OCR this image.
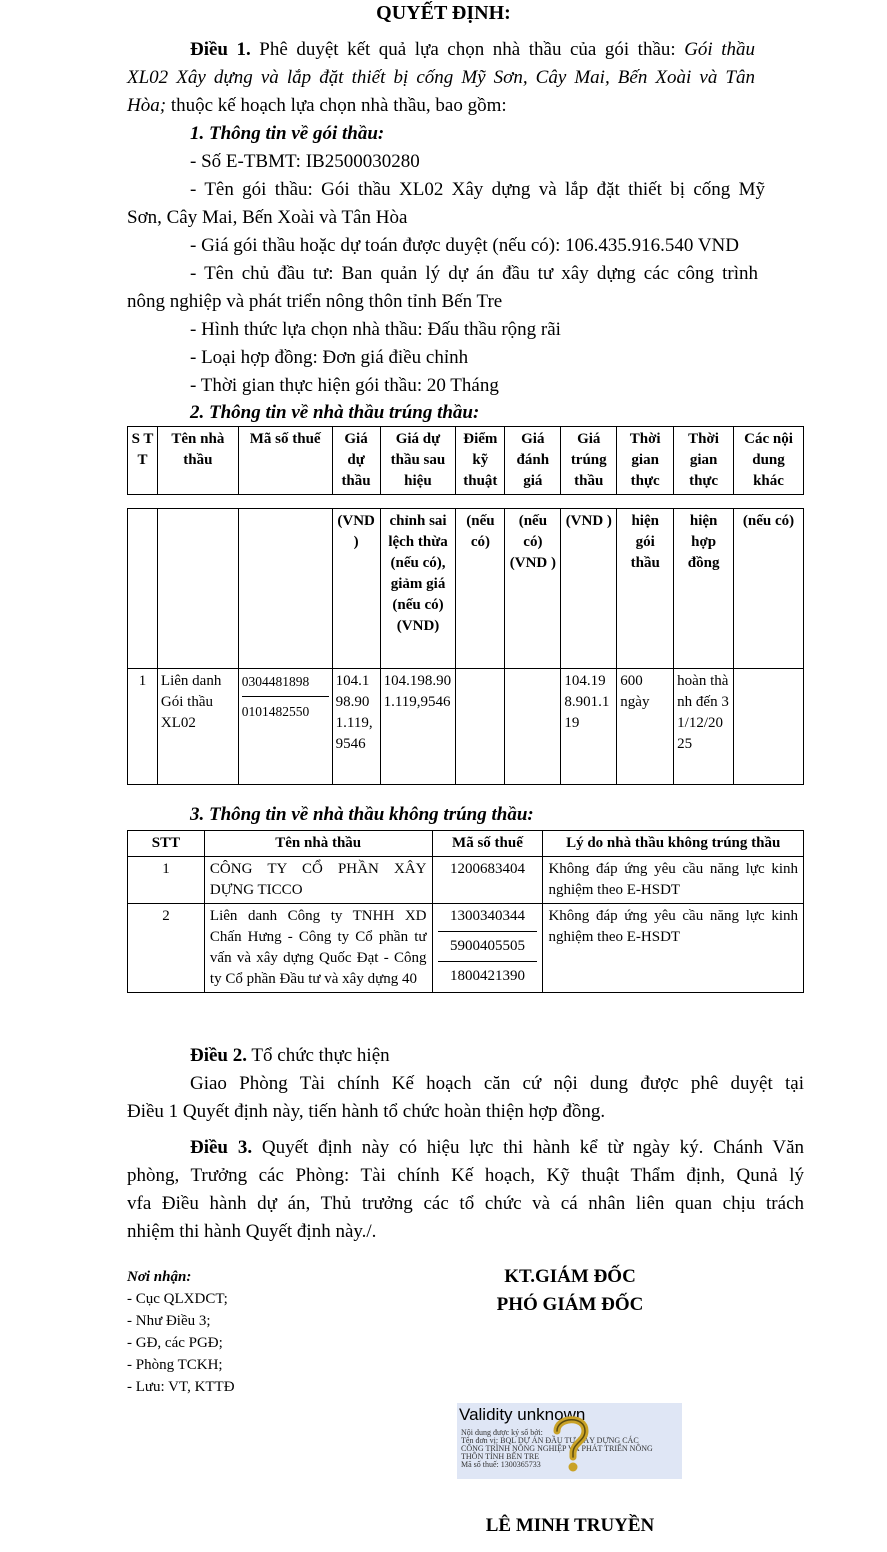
QUYẾT ĐỊNH:
Điều 1. Phê duyệt kết quả lựa chọn nhà thầu của gói thầu: Gói thầu
XL02 Xây dựng và lắp đặt thiết bị cống Mỹ Sơn, Cây Mai, Bến Xoài và Tân
Hòa; thuộc kế hoạch lựa chọn nhà thầu, bao gồm:
1. Thông tin về gói thầu:
- Số E-TBMT: IB2500030280
- Tên gói thầu: Gói thầu XL02 Xây dựng và lắp đặt thiết bị cống Mỹ
Sơn, Cây Mai, Bến Xoài và Tân Hòa
- Giá gói thầu hoặc dự toán được duyệt (nếu có): 106.435.916.540 VND
- Tên chủ đầu tư: Ban quản lý dự án đầu tư xây dựng các công trình
nông nghiệp và phát triển nông thôn tỉnh Bến Tre
- Hình thức lựa chọn nhà thầu: Đấu thầu rộng rãi
- Loại hợp đồng: Đơn giá điều chỉnh
- Thời gian thực hiện gói thầu: 20 Tháng
2. Thông tin về nhà thầu trúng thầu:
S T T	Tên nhà thầu	Mã số thuế	Giá dự thầu	Giá dự thầu sau hiệu	Điểm kỹ thuật	Giá đánh giá	Giá trúng thầu	Thời gian thực	Thời gian thực	Các nội dung khác
			(VND )	chỉnh sai lệch thừa (nếu có), giảm giá (nếu có) (VND)	(nếu có)	(nếu có) (VND )	(VND )	hiện gói thầu	hiện hợp đồng	(nếu có)
1	Liên danh Gói thầu XL02	0304481898
0101482550	104.198.901.119,9546	104.198.901.119,9546			104.198.901.119	600 ngày	hoàn thành đến 31/12/2025	
3. Thông tin về nhà thầu không trúng thầu:
STT	Tên nhà thầu	Mã số thuế	Lý do nhà thầu không trúng thầu
1	CÔNG TY CỔ PHẦN XÂY DỰNG TICCO	1200683404	Không đáp ứng yêu cầu năng lực kinh nghiệm theo E-HSDT
2	Liên danh Công ty TNHH XD Chấn Hưng - Công ty Cổ phần tư vấn và xây dựng Quốc Đạt - Công ty Cổ phần Đầu tư và xây dựng 40	1300340344
5900405505
1800421390	Không đáp ứng yêu cầu năng lực kinh nghiệm theo E-HSDT
Điều 2. Tổ chức thực hiện
Giao Phòng Tài chính Kế hoạch căn cứ nội dung được phê duyệt tại
Điều 1 Quyết định này, tiến hành tổ chức hoàn thiện hợp đồng.
Điều 3. Quyết định này có hiệu lực thi hành kể từ ngày ký. Chánh Văn
phòng, Trưởng các Phòng: Tài chính Kế hoạch, Kỹ thuật Thẩm định, Qunả lý
vfa Điều hành dự án, Thủ trưởng các tổ chức và cá nhân liên quan chịu trách
nhiệm thi hành Quyết định này./.
Nơi nhận:
- Cục QLXDCT;
- Như Điều 3;
- GĐ, các PGĐ;
- Phòng TCKH;
- Lưu: VT, KTTĐ
KT.GIÁM ĐỐC
PHÓ GIÁM ĐỐC
Validity unknown
Nội dung được ký số bởi:
Tên đơn vị: BQL DỰ ÁN ĐẦU TƯ XÂY DỰNG CÁC
CÔNG TRÌNH NÔNG NGHIỆP VÀ PHÁT TRIỂN NÔNG
THÔN TỈNH BẾN TRE
Mã số thuế: 1300365733
LÊ MINH TRUYỀN
